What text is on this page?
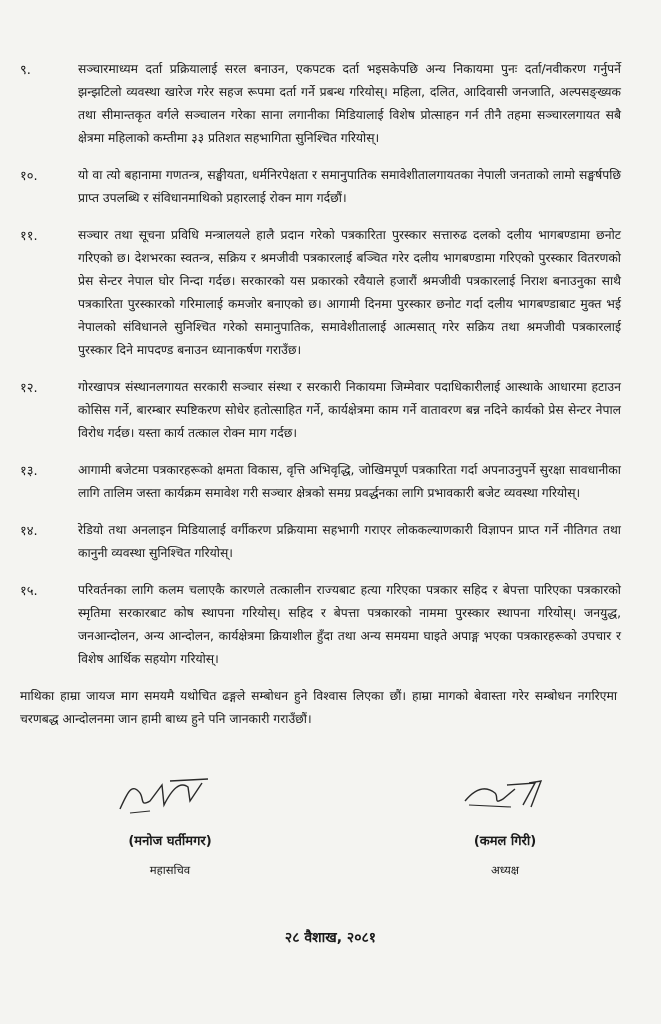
९.	सञ्चारमाध्यम दर्ता प्रक्रियालाई सरल बनाउन, एकपटक दर्ता भइसकेपछि अन्य निकायमा पुनः दर्ता/नवीकरण गर्नुपर्ने झन्झटिलो व्यवस्था खारेज गरेर सहज रूपमा दर्ता गर्ने प्रबन्ध गरियोस्। महिला, दलित, आदिवासी जनजाति, अल्पसङ्ख्यक तथा सीमान्तकृत वर्गले सञ्चालन गरेका साना लगानीका मिडियालाई विशेष प्रोत्साहन गर्न तीनै तहमा सञ्चारलगायत सबै क्षेत्रमा महिलाको कम्तीमा ३३ प्रतिशत सहभागिता सुनिश्चित गरियोस्।
१०.	यो वा त्यो बहानामा गणतन्त्र, सङ्घीयता, धर्मनिरपेक्षता र समानुपातिक समावेशीतालगायतका नेपाली जनताको लामो सङ्घर्षपछि प्राप्त उपलब्धि र संविधानमाथिको प्रहारलाई रोक्न माग गर्दछौं।
११.	सञ्चार तथा सूचना प्रविधि मन्त्रालयले हालै प्रदान गरेको पत्रकारिता पुरस्कार सत्तारुढ दलको दलीय भागबण्डामा छनोट गरिएको छ। देशभरका स्वतन्त्र, सक्रिय र श्रमजीवी पत्रकारलाई बञ्चित गरेर दलीय भागबण्डामा गरिएको पुरस्कार वितरणको प्रेस सेन्टर नेपाल घोर निन्दा गर्दछ। सरकारको यस प्रकारको रवैयाले हजारौं श्रमजीवी पत्रकारलाई निराश बनाउनुका साथै पत्रकारिता पुरस्कारको गरिमालाई कमजोर बनाएको छ। आगामी दिनमा पुरस्कार छनोट गर्दा दलीय भागबण्डाबाट मुक्त भई नेपालको संविधानले सुनिश्चित गरेको समानुपातिक, समावेशीतालाई आत्मसात् गरेर सक्रिय तथा श्रमजीवी पत्रकारलाई पुरस्कार दिने मापदण्ड बनाउन ध्यानाकर्षण गराउँछ।
१२.	गोरखापत्र संस्थानलगायत सरकारी सञ्चार संस्था र सरकारी निकायमा जिम्मेवार पदाधिकारीलाई आस्थाके आधारमा हटाउन कोसिस गर्ने, बारम्बार स्पष्टिकरण सोधेर हतोत्साहित गर्ने, कार्यक्षेत्रमा काम गर्ने वातावरण बन्न नदिने कार्यको प्रेस सेन्टर नेपाल विरोध गर्दछ। यस्ता कार्य तत्काल रोक्न माग गर्दछ।
१३.	आगामी बजेटमा पत्रकारहरूको क्षमता विकास, वृत्ति अभिवृद्धि, जोखिमपूर्ण पत्रकारिता गर्दा अपनाउनुपर्ने सुरक्षा सावधानीका लागि तालिम जस्ता कार्यक्रम समावेश गरी सञ्चार क्षेत्रको समग्र प्रवर्द्धनका लागि प्रभावकारी बजेट व्यवस्था गरियोस्।
१४.	रेडियो तथा अनलाइन मिडियालाई वर्गीकरण प्रक्रियामा सहभागी गराएर लोककल्याणकारी विज्ञापन प्राप्त गर्ने नीतिगत तथा कानुनी व्यवस्था सुनिश्चित गरियोस्।
१५.	परिवर्तनका लागि कलम चलाएकै कारणले तत्कालीन राज्यबाट हत्या गरिएका पत्रकार सहिद र बेपत्ता पारिएका पत्रकारको स्मृतिमा सरकारबाट कोष स्थापना गरियोस्। सहिद र बेपत्ता पत्रकारको नाममा पुरस्कार स्थापना गरियोस्। जनयुद्ध, जनआन्दोलन, अन्य आन्दोलन, कार्यक्षेत्रमा क्रियाशील हुँदा तथा अन्य समयमा घाइते अपाङ्ग भएका पत्रकारहरूको उपचार र विशेष आर्थिक सहयोग गरियोस्।
माथिका हाम्रा जायज माग समयमै यथोचित ढङ्गले सम्बोधन हुने विश्वास लिएका छौं। हाम्रा मागको बेवास्ता गरेर सम्बोधन नगरिएमा चरणबद्ध आन्दोलनमा जान हामी बाध्य हुने पनि जानकारी गराउँछौं।
(मनोज घर्तीमगर)
महासचिव
(कमल गिरी)
अध्यक्ष
२८ वैशाख, २०८१
